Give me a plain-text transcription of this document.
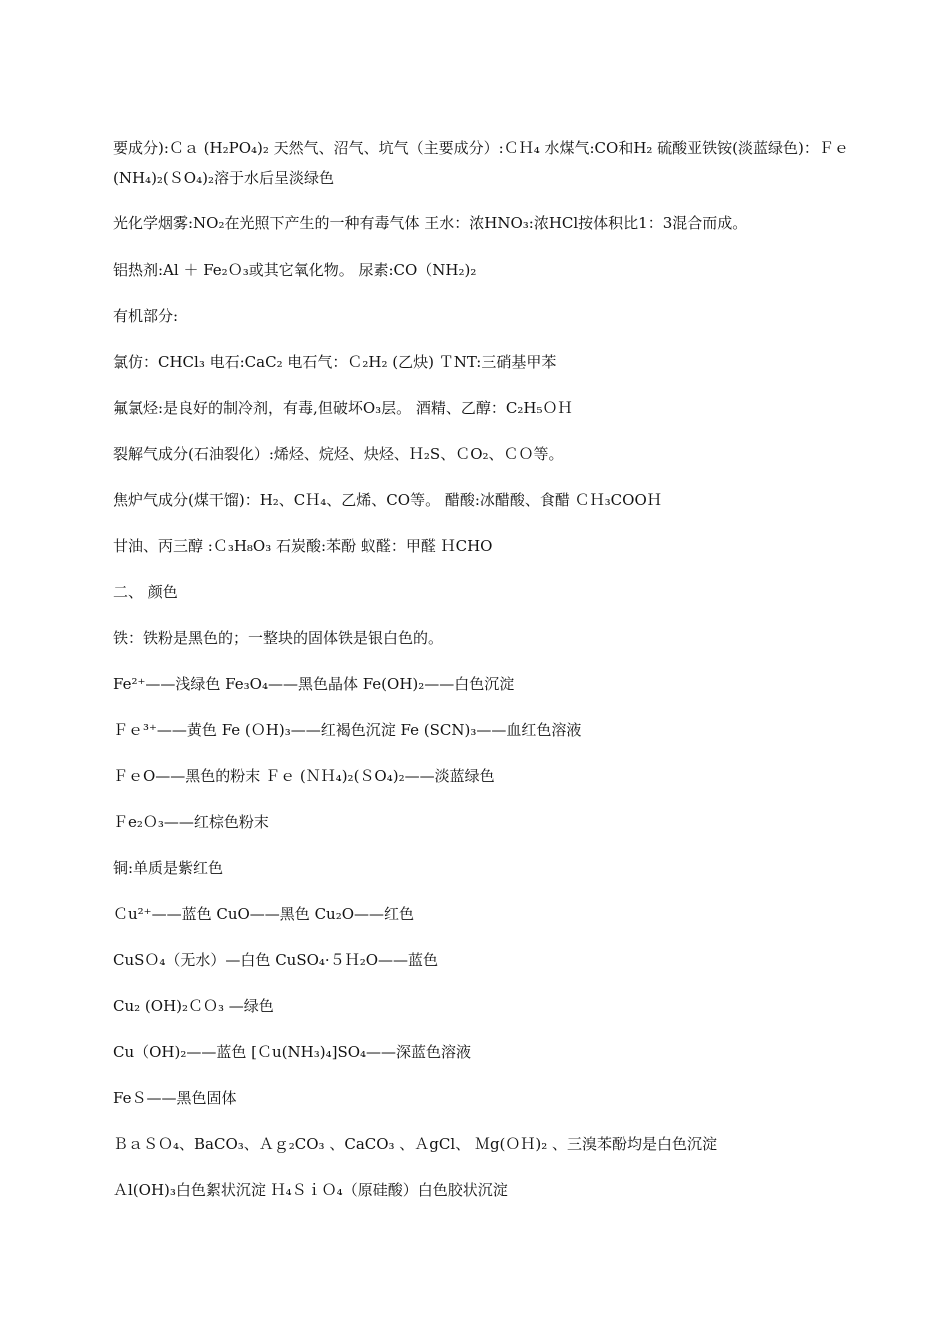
要成分):Ｃａ (H₂PO₄)₂ 天然气、沼气、坑气（主要成分）:ＣＨ₄ 水煤气:CO和H₂ 硫酸亚铁铵(淡蓝绿色)：Ｆｅ (NH₄)₂(ＳO₄)₂溶于水后呈淡绿色
光化学烟雾:NO₂在光照下产生的一种有毒气体 王水：浓HNO₃:浓HCl按体积比1：3混合而成。
铝热剂:Al ＋ Fe₂Ｏ₃或其它氧化物。 尿素:CO（NH₂)₂
有机部分:
氯仿：CHCl₃ 电石:CaC₂ 电石气：Ｃ₂H₂ (乙炔) ＴNT:三硝基甲苯
氟氯烃:是良好的制冷剂，有毒,但破坏O₃层。 酒精、乙醇：C₂H₅ＯＨ
裂解气成分(石油裂化）:烯烃、烷烃、炔烃、Ｈ₂S、ＣO₂、ＣＯ等。
焦炉气成分(煤干馏)：H₂、CＨ₄、乙烯、CO等。 醋酸:冰醋酸、食醋 ＣＨ₃COOＨ
甘油、丙三醇 :Ｃ₃H₈O₃ 石炭酸:苯酚 蚁醛：甲醛 ＨCHO
二、 颜色
铁：铁粉是黑色的；一整块的固体铁是银白色的。
Fe²⁺——浅绿色 Fe₃O₄——黑色晶体 Fe(OH)₂——白色沉淀
Ｆｅ³⁺——黄色 Fe (ＯH)₃——红褐色沉淀 Fe (SCN)₃——血红色溶液
ＦｅO——黑色的粉末 Ｆｅ (ＮＨ₄)₂(ＳO₄)₂——淡蓝绿色
Ｆe₂Ｏ₃——红棕色粉末
铜:单质是紫红色
Ｃu²⁺——蓝色 CuO——黑色 Cu₂O——红色
CuSＯ₄（无水）—白色 CuSO₄·５Ｈ₂O——蓝色
Cu₂ (OH)₂ＣＯ₃ —绿色
Cu（OH)₂——蓝色 [Ｃu(NH₃)₄]SO₄——深蓝色溶液
FeＳ——黑色固体
ＢａＳＯ₄、BaCO₃、Ａｇ₂CO₃ 、CaCO₃ 、ＡgCl、 Ｍg(ＯＨ)₂ 、三溴苯酚均是白色沉淀
Ａl(OH)₃白色絮状沉淀 Ｈ₄ＳｉＯ₄（原硅酸）白色胶状沉淀
